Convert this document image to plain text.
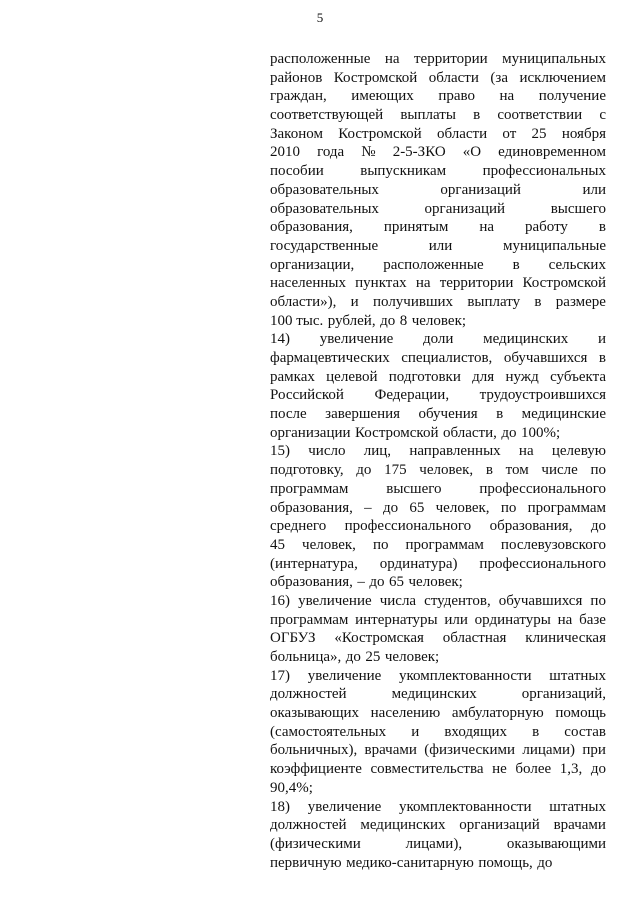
5
расположенные на территории муниципальных
районов Костромской области (за исключением
граждан, имеющих право на получение
соответствующей выплаты в соответствии с
Законом Костромской области от 25 ноября
2010 года № 2-5-ЗКО «О единовременном
пособии выпускникам профессиональных
образовательных	организаций	или
образовательных	организаций	высшего
образования, принятым на работу в
государственные	или	муниципальные
организации, расположенные в сельских
населенных пунктах на территории Костромской
области»), и получивших выплату в размере
100 тыс. рублей, до 8 человек;
14) увеличение доли медицинских и
фармацевтических специалистов, обучавшихся в
рамках целевой подготовки для нужд субъекта
Российской Федерации, трудоустроившихся
после завершения обучения в медицинские
организации Костромской области, до 100%;
15) число лиц, направленных на целевую
подготовку, до 175 человек, в том числе по
программам	высшего	профессионального
образования, – до 65 человек, по программам
среднего профессионального образования, до
45 человек, по программам послевузовского
(интернатура, ординатура) профессионального
образования, – до 65 человек;
16) увеличение числа студентов, обучавшихся по
программам интернатуры или ординатуры на базе
ОГБУЗ «Костромская областная клиническая
больница», до 25 человек;
17) увеличение укомплектованности штатных
должностей	медицинских	организаций,
оказывающих населению амбулаторную помощь
(самостоятельных и входящих в состав
больничных), врачами (физическими лицами) при
коэффициенте совместительства не более 1,3, до
90,4%;
18) увеличение укомплектованности штатных
должностей медицинских организаций врачами
(физическими	лицами),	оказывающими
первичную медико-санитарную помощь, до
